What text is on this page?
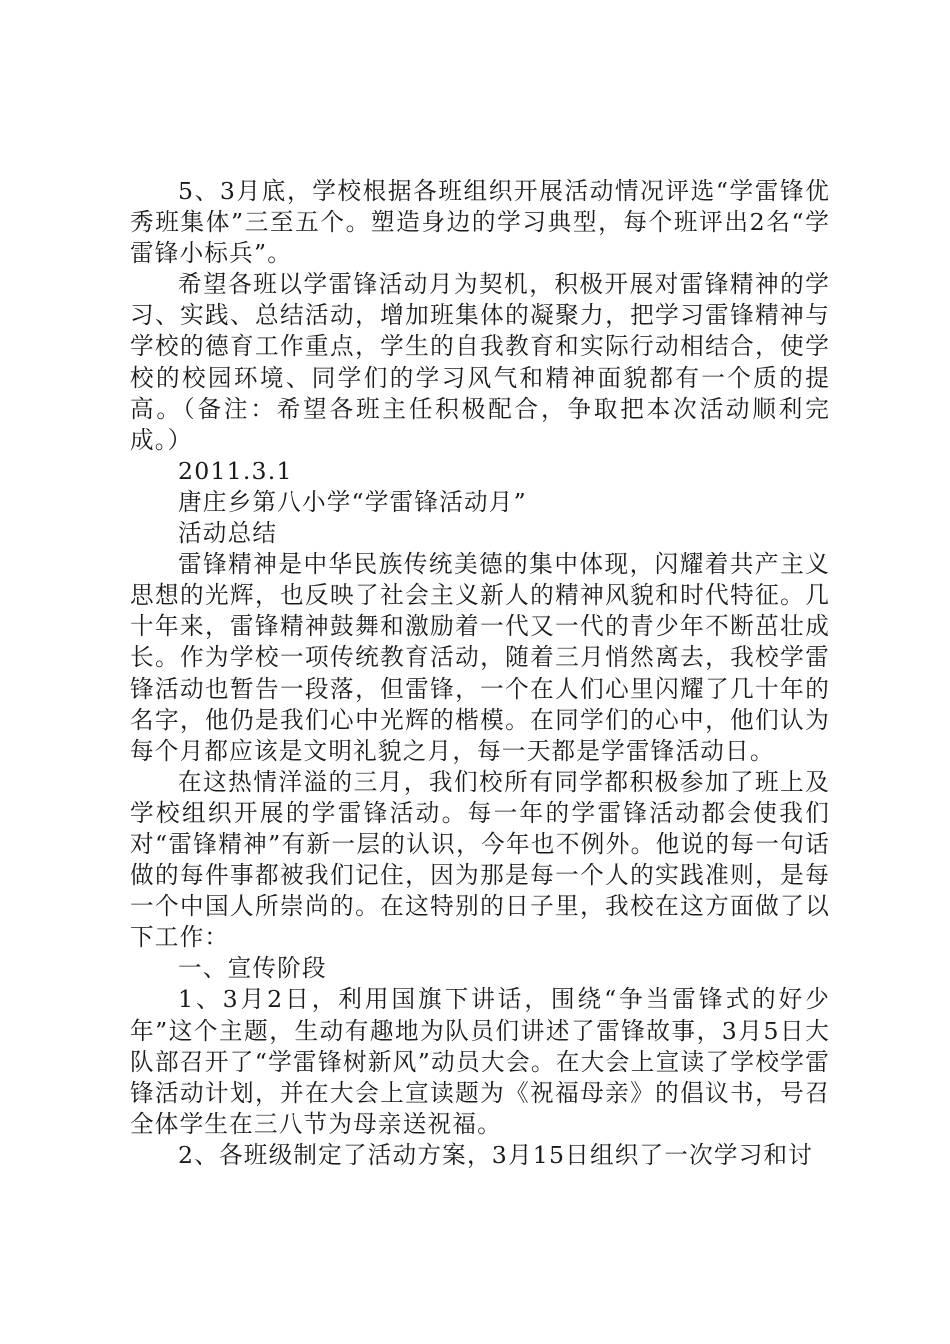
5、3月底，学校根据各班组织开展活动情况评选“学雷锋优秀班集体”三至五个。塑造身边的学习典型，每个班评出2名“学雷锋小标兵”。

希望各班以学雷锋活动月为契机，积极开展对雷锋精神的学习、实践、总结活动，增加班集体的凝聚力，把学习雷锋精神与学校的德育工作重点，学生的自我教育和实际行动相结合，使学校的校园环境、同学们的学习风气和精神面貌都有一个质的提高。（备注：希望各班主任积极配合，争取把本次活动顺利完成。）

2011.3.1

唐庄乡第八小学“学雷锋活动月”

活动总结

雷锋精神是中华民族传统美德的集中体现，闪耀着共产主义思想的光辉，也反映了社会主义新人的精神风貌和时代特征。几十年来，雷锋精神鼓舞和激励着一代又一代的青少年不断茁壮成长。作为学校一项传统教育活动，随着三月悄然离去，我校学雷锋活动也暂告一段落，但雷锋，一个在人们心里闪耀了几十年的名字，他仍是我们心中光辉的楷模。在同学们的心中，他们认为每个月都应该是文明礼貌之月，每一天都是学雷锋活动日。

在这热情洋溢的三月，我们校所有同学都积极参加了班上及学校组织开展的学雷锋活动。每一年的学雷锋活动都会使我们对“雷锋精神”有新一层的认识，今年也不例外。他说的每一句话做的每件事都被我们记住，因为那是每一个人的实践准则，是每一个中国人所崇尚的。在这特别的日子里，我校在这方面做了以下工作：

一、宣传阶段

1、3月2日，利用国旗下讲话，围绕“争当雷锋式的好少年”这个主题，生动有趣地为队员们讲述了雷锋故事，3月5日大队部召开了“学雷锋树新风”动员大会。在大会上宣读了学校学雷锋活动计划，并在大会上宣读题为《祝福母亲》的倡议书，号召全体学生在三八节为母亲送祝福。

2、各班级制定了活动方案，3月15日组织了一次学习和讨
